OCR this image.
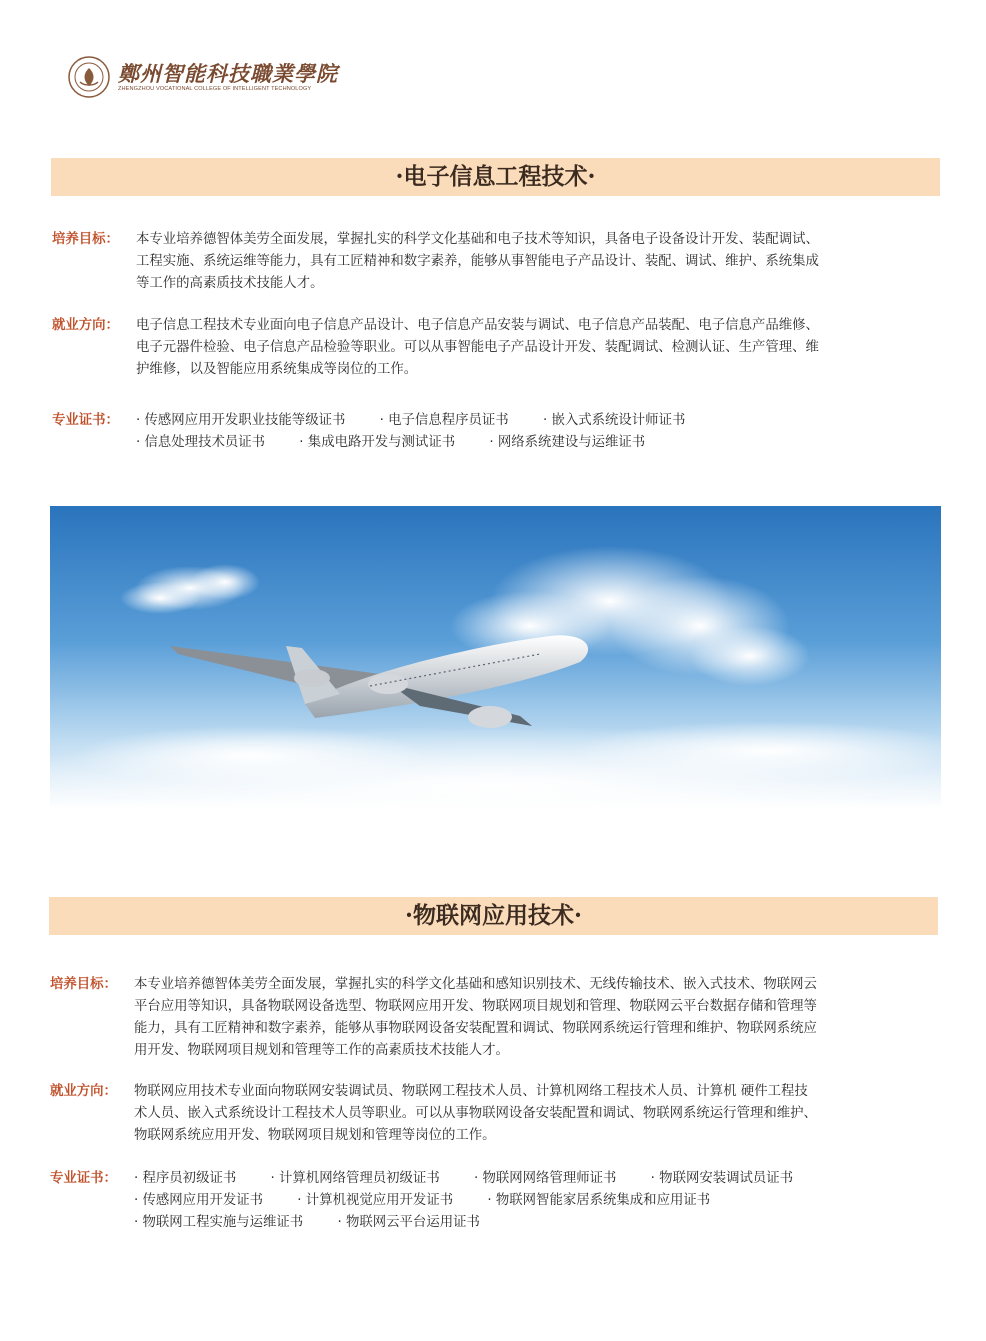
鄭州智能科技職業學院
ZHENGZHOU VOCATIONAL COLLEGE OF INTELLIGENT TECHNOLOGY
·电子信息工程技术·
培养目标：	本专业培养德智体美劳全面发展，掌握扎实的科学文化基础和电子技术等知识，具备电子设备设计开发、装配调试、
工程实施、系统运维等能力，具有工匠精神和数字素养，能够从事智能电子产品设计、装配、调试、维护、系统集成
等工作的高素质技术技能人才。
就业方向：	电子信息工程技术专业面向电子信息产品设计、电子信息产品安装与调试、电子信息产品装配、电子信息产品维修、
电子元器件检验、电子信息产品检验等职业。可以从事智能电子产品设计开发、装配调试、检测认证、生产管理、维
护维修，以及智能应用系统集成等岗位的工作。
专业证书：	· 传感网应用开发职业技能等级证书	· 电子信息程序员证书	· 嵌入式系统设计师证书
· 信息处理技术员证书	· 集成电路开发与测试证书	· 网络系统建设与运维证书
·物联网应用技术·
培养目标：	本专业培养德智体美劳全面发展，掌握扎实的科学文化基础和感知识别技术、无线传输技术、嵌入式技术、物联网云
平台应用等知识，具备物联网设备选型、物联网应用开发、物联网项目规划和管理、物联网云平台数据存储和管理等
能力，具有工匠精神和数字素养，能够从事物联网设备安装配置和调试、物联网系统运行管理和维护、物联网系统应
用开发、物联网项目规划和管理等工作的高素质技术技能人才。
就业方向：	物联网应用技术专业面向物联网安装调试员、物联网工程技术人员、计算机网络工程技术人员、计算机 硬件工程技
术人员、嵌入式系统设计工程技术人员等职业。可以从事物联网设备安装配置和调试、物联网系统运行管理和维护、
物联网系统应用开发、物联网项目规划和管理等岗位的工作。
专业证书：	· 程序员初级证书	· 计算机网络管理员初级证书	· 物联网网络管理师证书	· 物联网安装调试员证书
· 传感网应用开发证书	· 计算机视觉应用开发证书	· 物联网智能家居系统集成和应用证书
· 物联网工程实施与运维证书	· 物联网云平台运用证书
